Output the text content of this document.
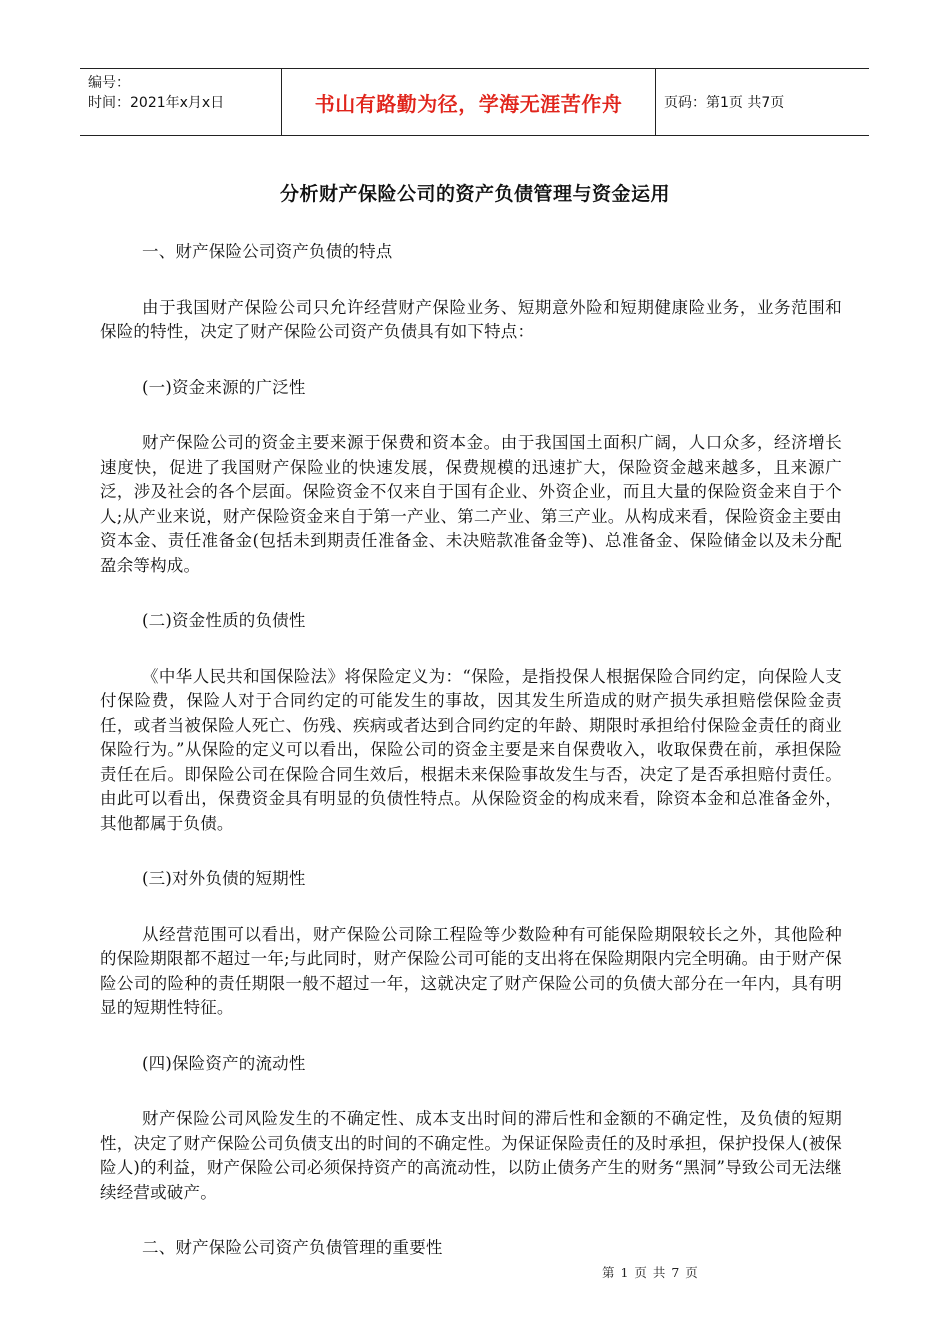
编号：
时间：2021年x月x日	书山有路勤为径，学海无涯苦作舟	页码：第1页 共7页
分析财产保险公司的资产负债管理与资金运用

一、财产保险公司资产负债的特点

由于我国财产保险公司只允许经营财产保险业务、短期意外险和短期健康险业务，业务范围和保险的特性，决定了财产保险公司资产负债具有如下特点：

(一)资金来源的广泛性

财产保险公司的资金主要来源于保费和资本金。由于我国国土面积广阔，人口众多，经济增长速度快，促进了我国财产保险业的快速发展，保费规模的迅速扩大，保险资金越来越多，且来源广泛，涉及社会的各个层面。保险资金不仅来自于国有企业、外资企业，而且大量的保险资金来自于个人;从产业来说，财产保险资金来自于第一产业、第二产业、第三产业。从构成来看，保险资金主要由资本金、责任准备金(包括未到期责任准备金、未决赔款准备金等)、总准备金、保险储金以及未分配盈余等构成。

(二)资金性质的负债性

《中华人民共和国保险法》将保险定义为：“保险，是指投保人根据保险合同约定，向保险人支付保险费，保险人对于合同约定的可能发生的事故，因其发生所造成的财产损失承担赔偿保险金责任，或者当被保险人死亡、伤残、疾病或者达到合同约定的年龄、期限时承担给付保险金责任的商业保险行为。”从保险的定义可以看出，保险公司的资金主要是来自保费收入，收取保费在前，承担保险责任在后。即保险公司在保险合同生效后，根据未来保险事故发生与否，决定了是否承担赔付责任。由此可以看出，保费资金具有明显的负债性特点。从保险资金的构成来看，除资本金和总准备金外，其他都属于负债。

(三)对外负债的短期性

从经营范围可以看出，财产保险公司除工程险等少数险种有可能保险期限较长之外，其他险种的保险期限都不超过一年;与此同时，财产保险公司可能的支出将在保险期限内完全明确。由于财产保险公司的险种的责任期限一般不超过一年，这就决定了财产保险公司的负债大部分在一年内，具有明显的短期性特征。

(四)保险资产的流动性

财产保险公司风险发生的不确定性、成本支出时间的滞后性和金额的不确定性，及负债的短期性，决定了财产保险公司负债支出的时间的不确定性。为保证保险责任的及时承担，保护投保人(被保险人)的利益，财产保险公司必须保持资产的高流动性，以防止债务产生的财务“黑洞”导致公司无法继续经营或破产。

二、财产保险公司资产负债管理的重要性

第 1 页 共 7 页
